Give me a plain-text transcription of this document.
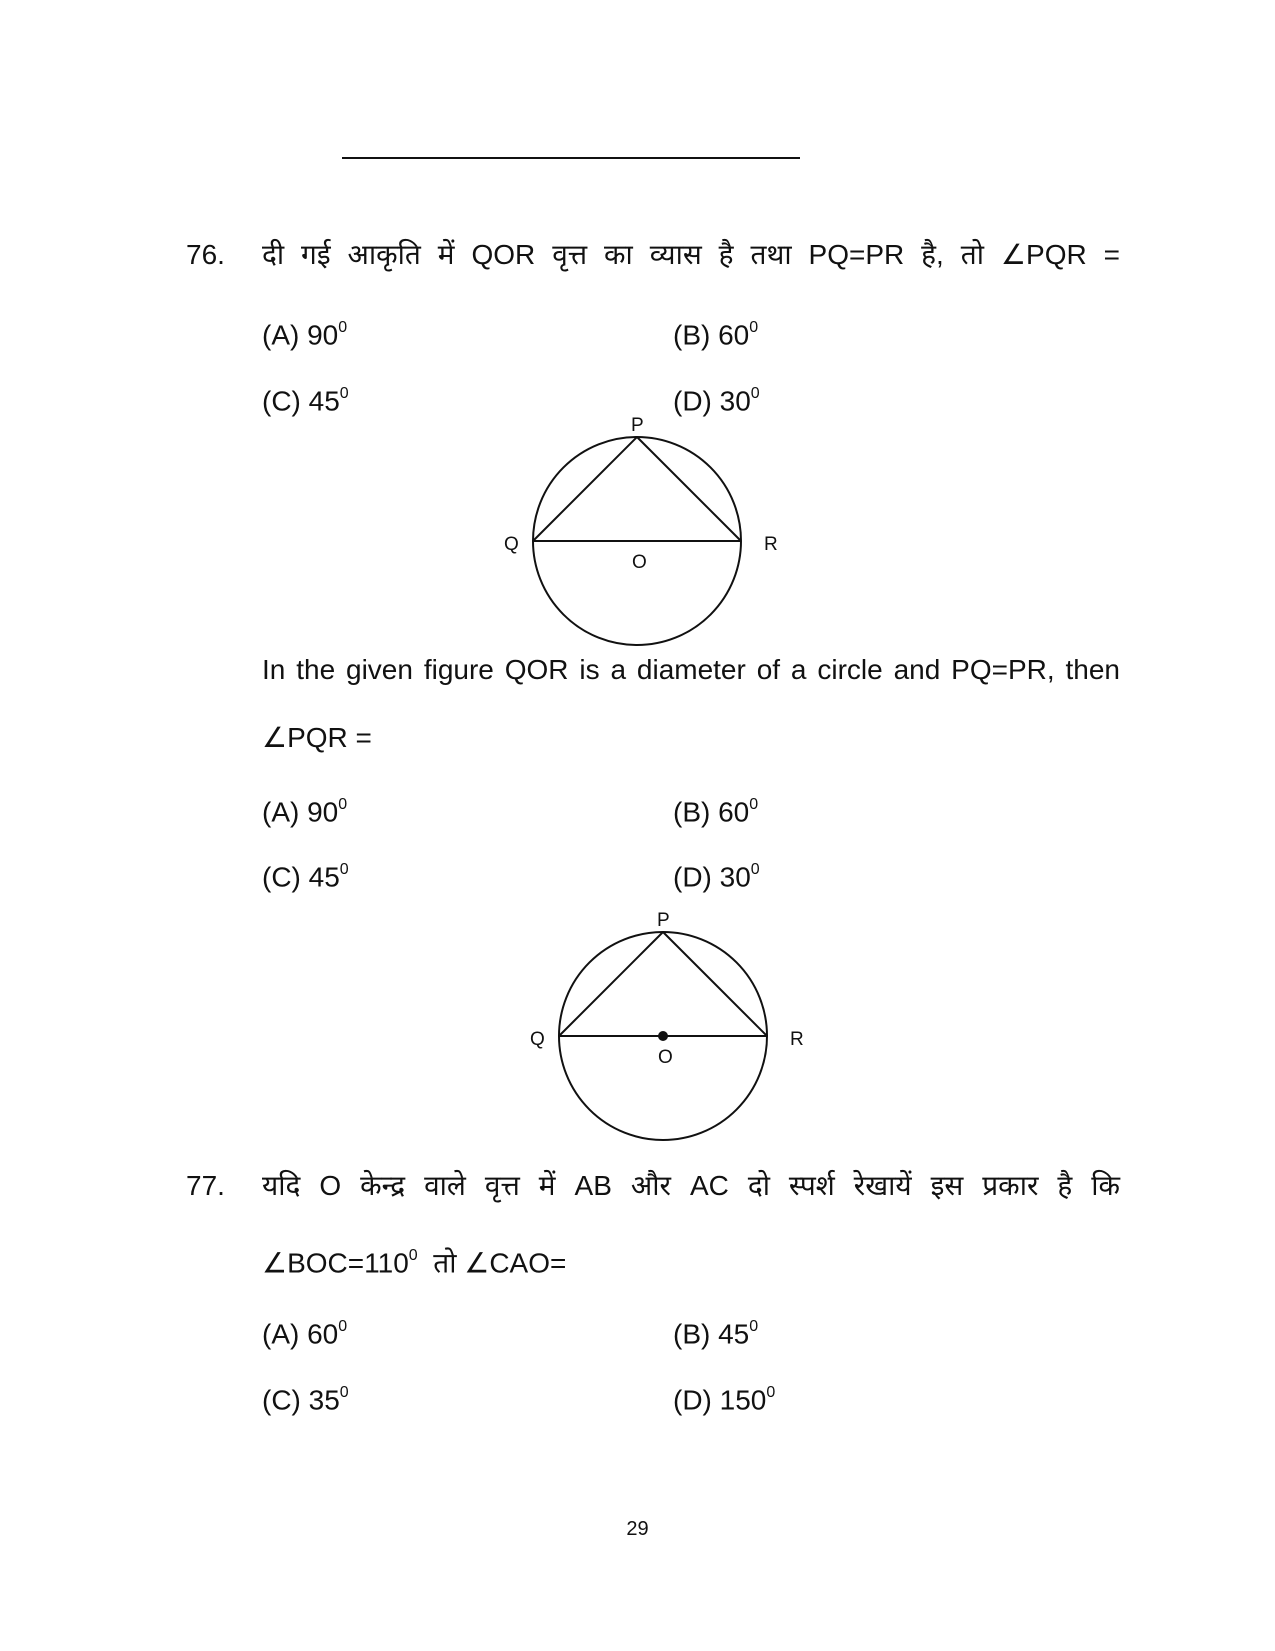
76. दी गई आकृति में QOR वृत्त का व्यास है तथा PQ=PR है, तो ∠PQR =
(A) $90^0$	(B) $60^0$
(C) $45^0$	(D) $30^0$
P
Q	R
O
In the given figure QOR is a diameter of a circle and PQ=PR, then
∠PQR =
(A) $90^0$	(B) $60^0$
(C) $45^0$	(D) $30^0$
P
Q	R
O
77. यदि O केन्द्र वाले वृत्त में AB और AC दो स्पर्श रेखायें इस प्रकार है कि
$\angle BOC=110^0$  तो ∠CAO=
(A) $60^0$	(B) $45^0$
(C) $35^0$	(D) $150^0$
29
